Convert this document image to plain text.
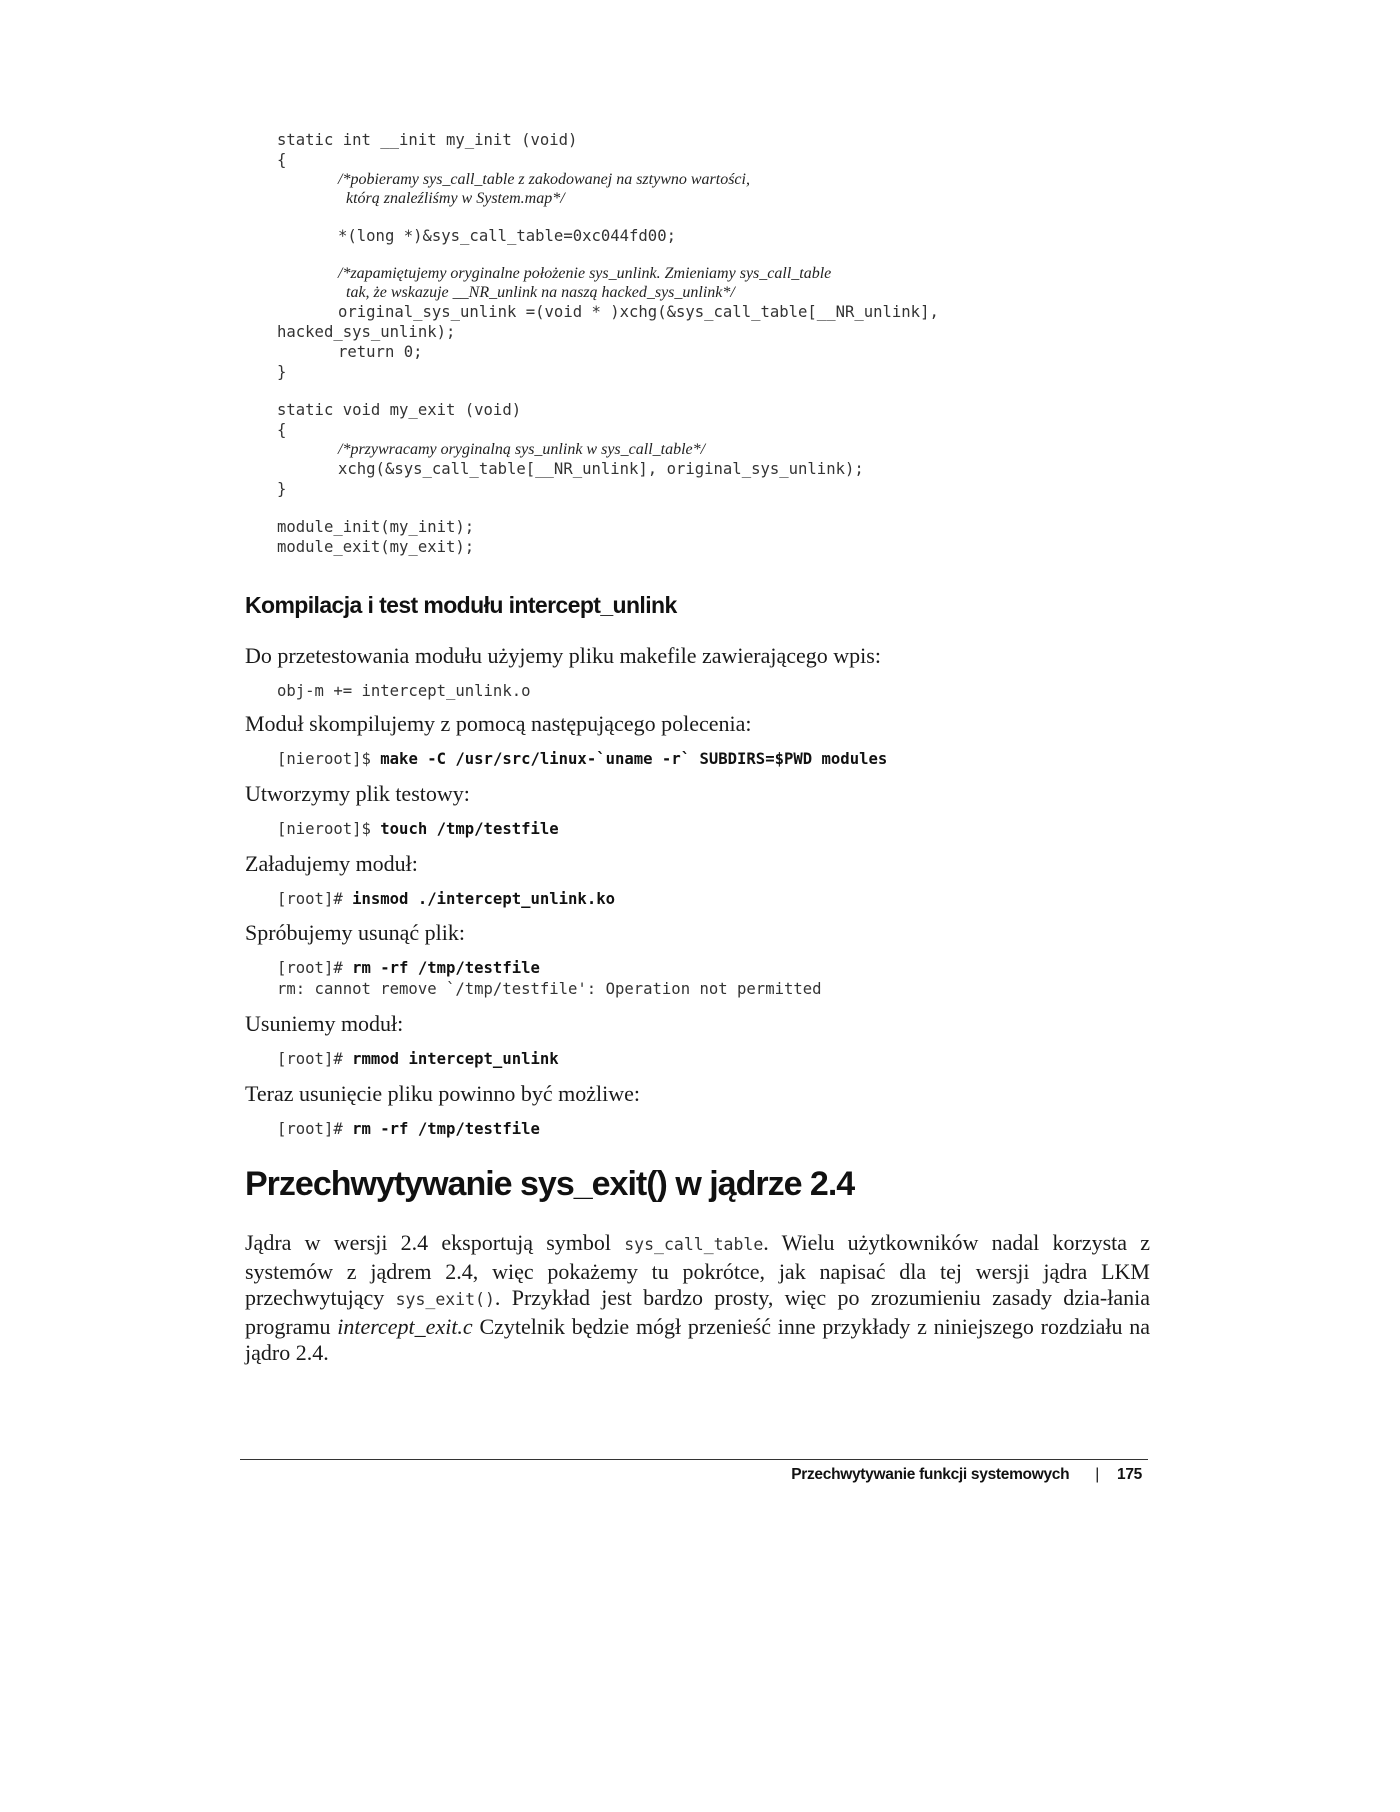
static int __init my_init (void)
{
/*pobieramy sys_call_table z zakodowanej na sztywno wartości,
którą znaleźliśmy w System.map*/
*(long *)&sys_call_table=0xc044fd00;
/*zapamiętujemy oryginalne położenie sys_unlink. Zmieniamy sys_call_table
tak, że wskazuje __NR_unlink na naszą hacked_sys_unlink*/
original_sys_unlink =(void * )xchg(&sys_call_table[__NR_unlink],
hacked_sys_unlink);
return 0;
}
static void my_exit (void)
{
/*przywracamy oryginalną sys_unlink w sys_call_table*/
xchg(&sys_call_table[__NR_unlink], original_sys_unlink);
}
module_init(my_init);
module_exit(my_exit);
Kompilacja i test modułu intercept_unlink

Do przetestowania modułu użyjemy pliku makefile zawierającego wpis:

obj-m += intercept_unlink.o

Moduł skompilujemy z pomocą następującego polecenia:

[nieroot]$ make -C /usr/src/linux-`uname -r` SUBDIRS=$PWD modules

Utworzymy plik testowy:

[nieroot]$ touch /tmp/testfile

Załadujemy moduł:

[root]# insmod ./intercept_unlink.ko

Spróbujemy usunąć plik:

[root]# rm -rf /tmp/testfile
rm: cannot remove `/tmp/testfile': Operation not permitted

Usuniemy moduł:

[root]# rmmod intercept_unlink

Teraz usunięcie pliku powinno być możliwe:

[root]# rm -rf /tmp/testfile
Przechwytywanie sys_exit() w jądrze 2.4

Jądra w wersji 2.4 eksportują symbol sys_call_table. Wielu użytkowników nadal korzysta z systemów z jądrem 2.4, więc pokażemy tu pokrótce, jak napisać dla tej wersji jądra LKM przechwytujący sys_exit(). Przykład jest bardzo prosty, więc po zrozumieniu zasady dzia-łania programu intercept_exit.c Czytelnik będzie mógł przenieść inne przykłady z niniejszego rozdziału na jądro 2.4.

Przechwytywanie funkcji systemowych | 175
